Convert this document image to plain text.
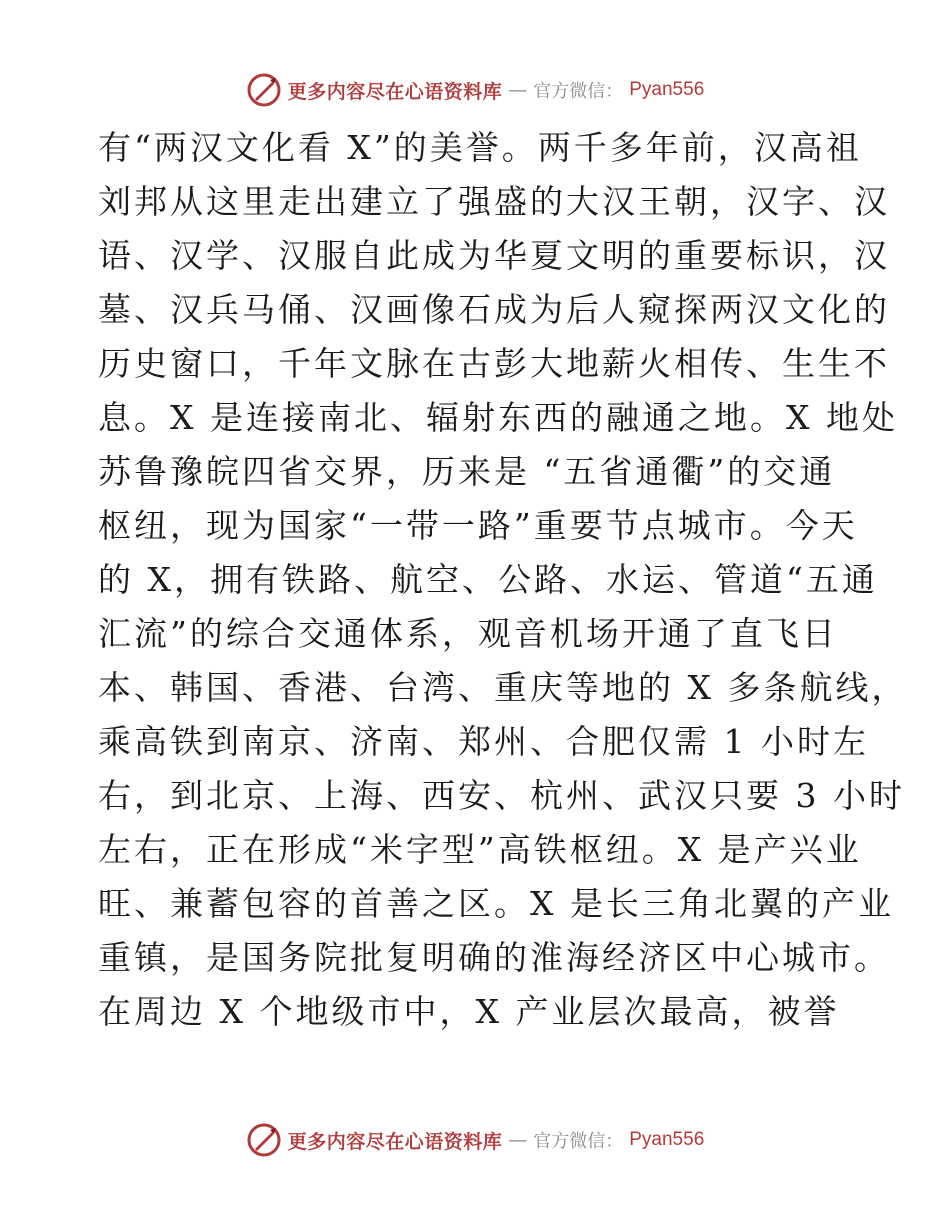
更多内容尽在心语资料库 — 官方微信： Pyan556
有“两汉文化看 X”的美誉。两千多年前，汉高祖
刘邦从这里走出建立了强盛的大汉王朝，汉字、汉
语、汉学、汉服自此成为华夏文明的重要标识，汉
墓、汉兵马俑、汉画像石成为后人窥探两汉文化的
历史窗口，千年文脉在古彭大地薪火相传、生生不
息。X 是连接南北、辐射东西的融通之地。X 地处
苏鲁豫皖四省交界，历来是 “五省通衢”的交通
枢纽，现为国家“一带一路”重要节点城市。今天
的 X，拥有铁路、航空、公路、水运、管道“五通
汇流”的综合交通体系，观音机场开通了直飞日
本、韩国、香港、台湾、重庆等地的 X 多条航线，
乘高铁到南京、济南、郑州、合肥仅需 1 小时左
右，到北京、上海、西安、杭州、武汉只要 3 小时
左右，正在形成“米字型”高铁枢纽。X 是产兴业
旺、兼蓄包容的首善之区。X 是长三角北翼的产业
重镇，是国务院批复明确的淮海经济区中心城市。
在周边 X 个地级市中，X 产业层次最高，被誉
更多内容尽在心语资料库 — 官方微信： Pyan556
